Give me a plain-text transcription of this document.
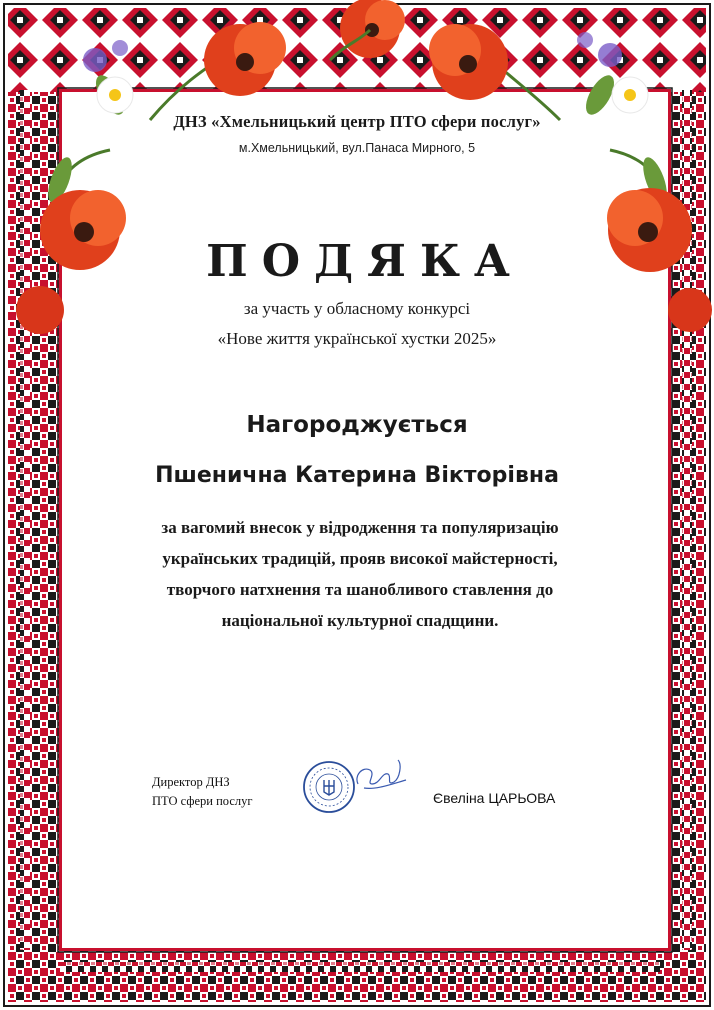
ДНЗ «Хмельницький центр ПТО сфери послуг»

м.Хмельницький, вул.Панаса Мирного, 5

ПОДЯКА

за участь у обласному конкурсі

«Нове життя української хустки 2025»

Нагороджується

Пшенична Катерина Вікторівна

за вагомий внесок у відродження та популяризацію українських традицій, прояв високої майстерності, творчого натхнення та шанобливого ставлення до національної культурної спадщини.

Директор ДНЗ
ПТО сфери послуг	Євеліна ЦАРЬОВА
